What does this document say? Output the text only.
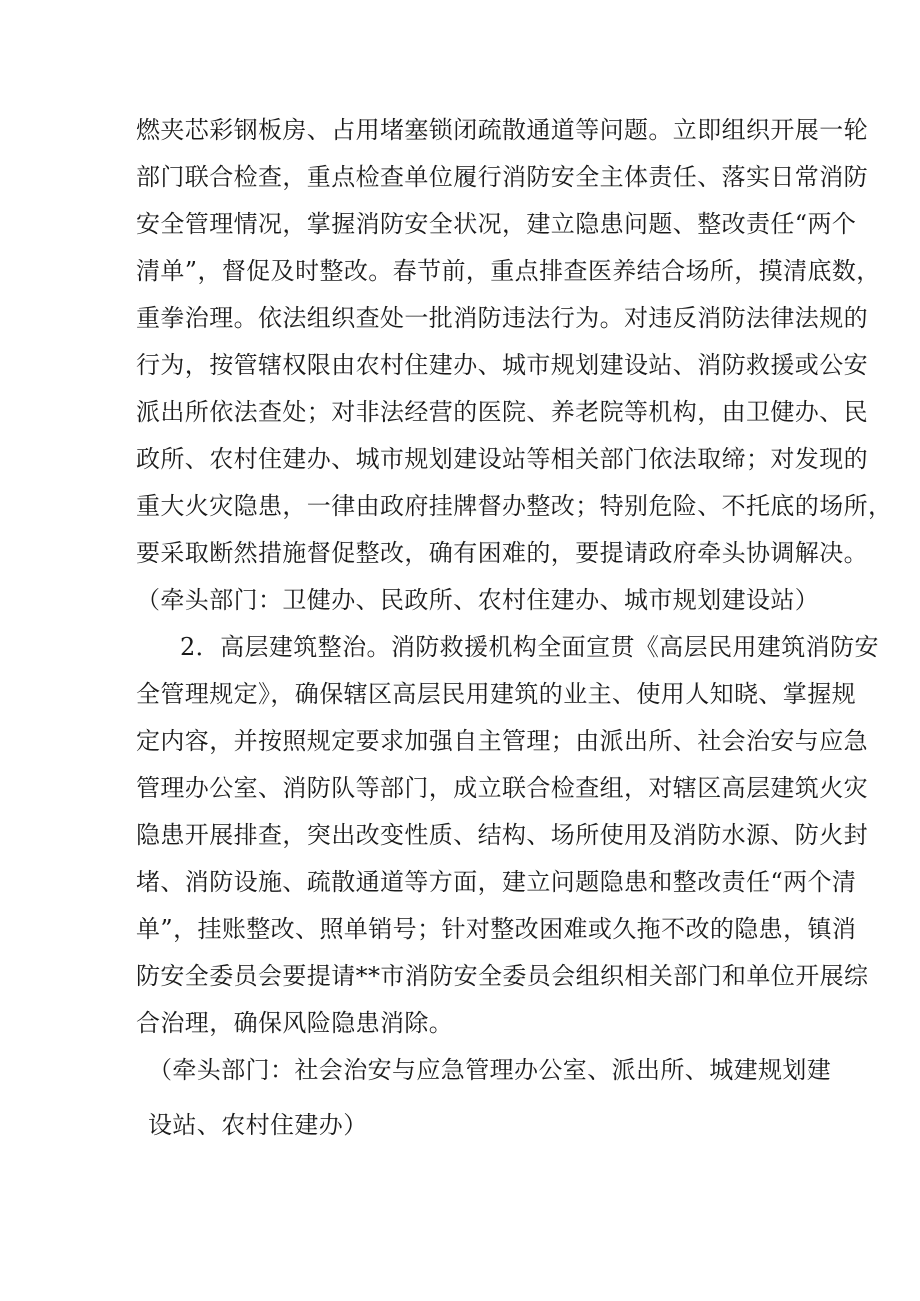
燃夹芯彩钢板房、占用堵塞锁闭疏散通道等问题。立即组织开展一轮
部门联合检查，重点检查单位履行消防安全主体责任、落实日常消防
安全管理情况，掌握消防安全状况，建立隐患问题、整改责任“两个
清单”，督促及时整改。春节前，重点排查医养结合场所，摸清底数，
重拳治理。依法组织查处一批消防违法行为。对违反消防法律法规的
行为，按管辖权限由农村住建办、城市规划建设站、消防救援或公安
派出所依法查处；对非法经营的医院、养老院等机构，由卫健办、民
政所、农村住建办、城市规划建设站等相关部门依法取缔；对发现的
重大火灾隐患，一律由政府挂牌督办整改；特别危险、不托底的场所，
要采取断然措施督促整改，确有困难的，要提请政府牵头协调解决。
（牵头部门：卫健办、民政所、农村住建办、城市规划建设站）
2．高层建筑整治。消防救援机构全面宣贯《高层民用建筑消防安
全管理规定》，确保辖区高层民用建筑的业主、使用人知晓、掌握规
定内容，并按照规定要求加强自主管理；由派出所、社会治安与应急
管理办公室、消防队等部门，成立联合检查组，对辖区高层建筑火灾
隐患开展排查，突出改变性质、结构、场所使用及消防水源、防火封
堵、消防设施、疏散通道等方面，建立问题隐患和整改责任“两个清
单”，挂账整改、照单销号；针对整改困难或久拖不改的隐患，镇消
防安全委员会要提请**市消防安全委员会组织相关部门和单位开展综
合治理，确保风险隐患消除。
（牵头部门：社会治安与应急管理办公室、派出所、城建规划建
设站、农村住建办）
